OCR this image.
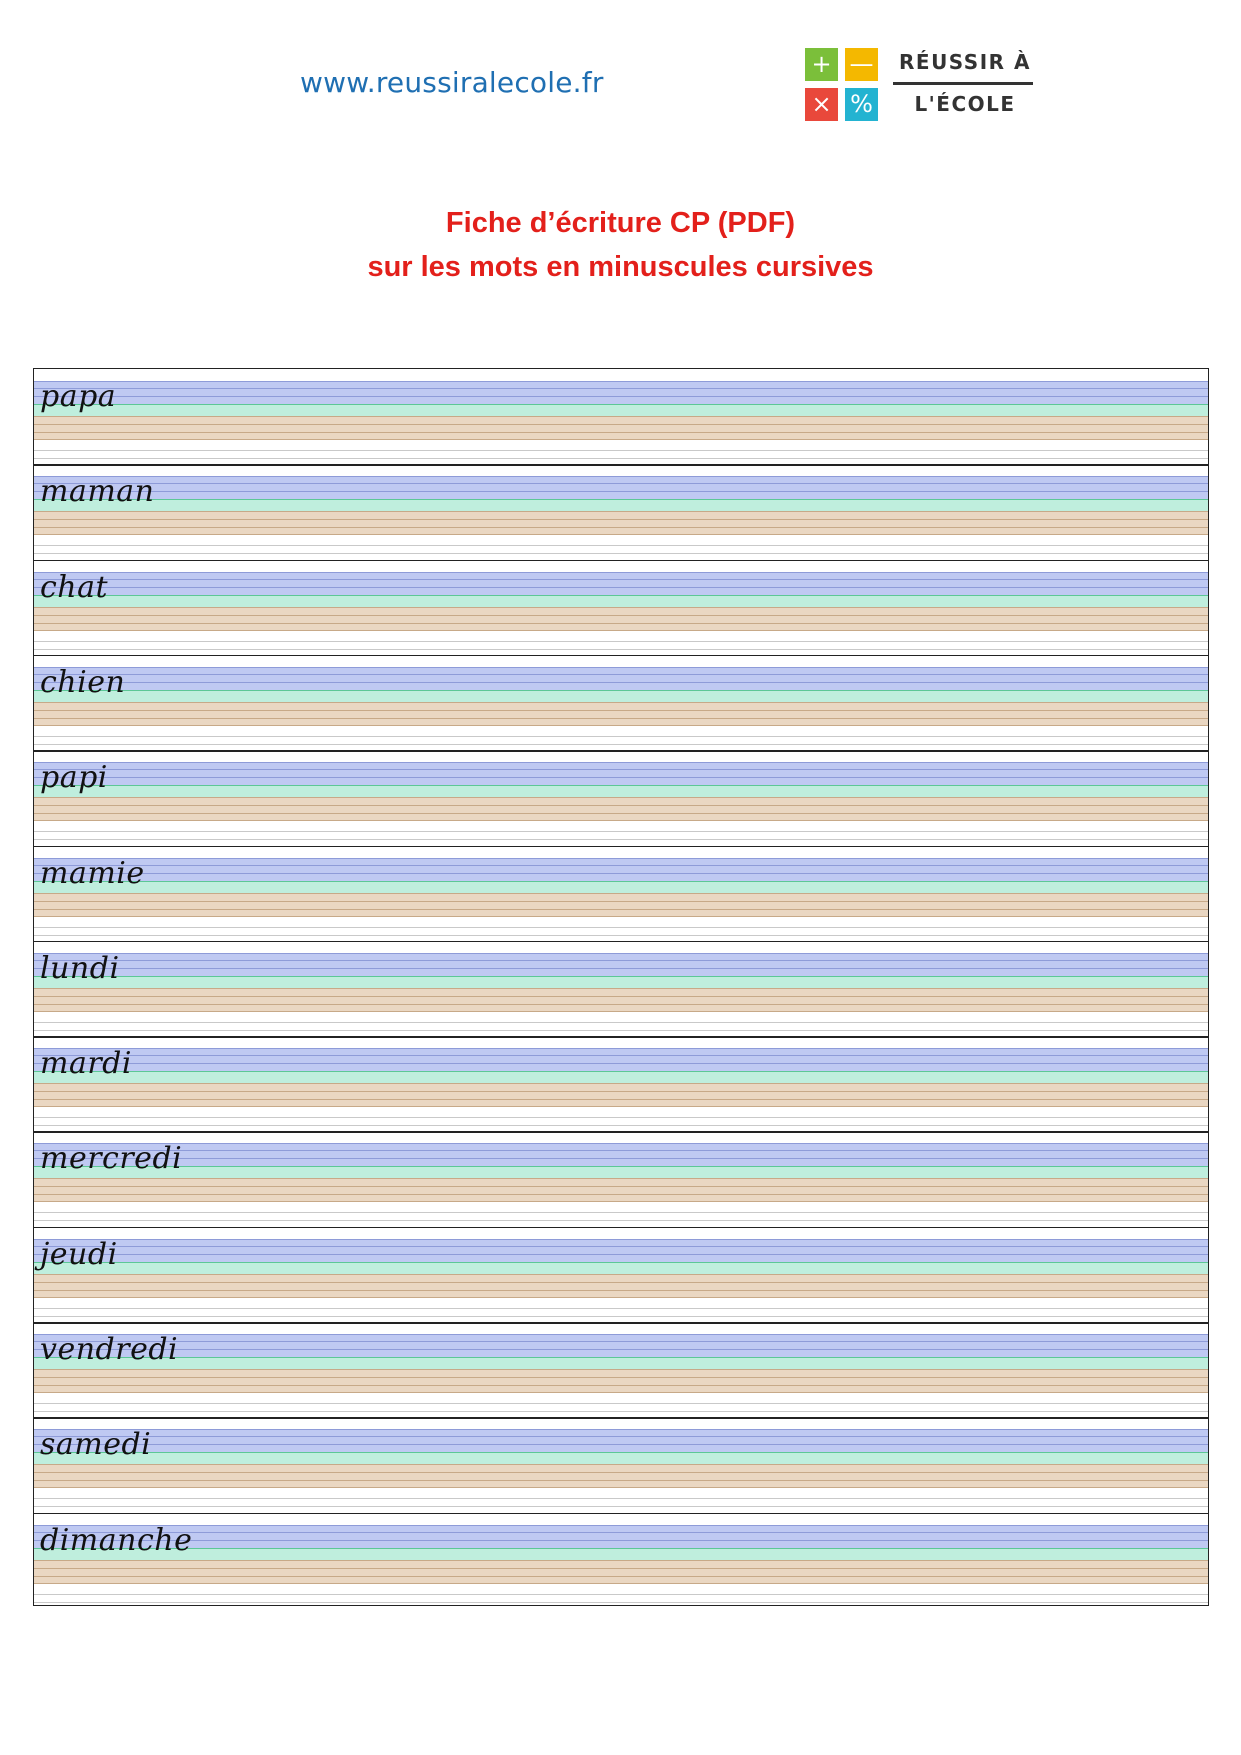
www.reussiralecole.fr
+ —
× %
RÉUSSIR À
L'ÉCOLE
Fiche d’écriture CP (PDF)
sur les mots en minuscules cursives
papa
maman
chat
chien
papi
mamie
lundi
mardi
mercredi
jeudi
vendredi
samedi
dimanche
